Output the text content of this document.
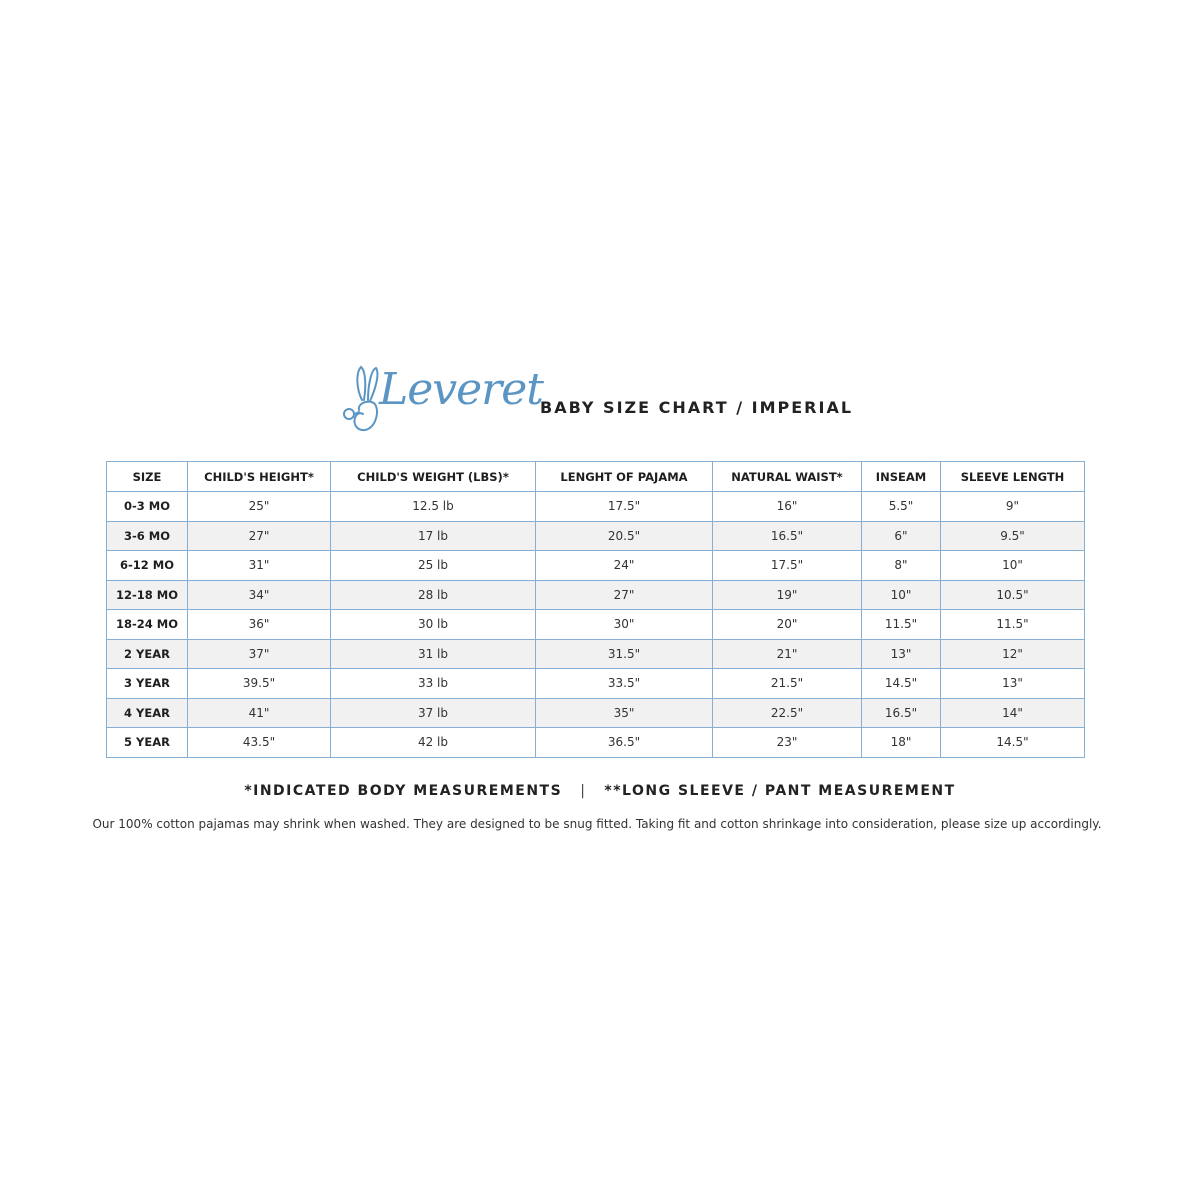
Leveret
BABY SIZE CHART / IMPERIAL
SIZE	CHILD'S HEIGHT*	CHILD'S WEIGHT (LBS)*	LENGHT OF PAJAMA	NATURAL WAIST*	INSEAM	SLEEVE LENGTH
0-3 MO	25"	12.5 lb	17.5"	16"	5.5"	9"
3-6 MO	27"	17 lb	20.5"	16.5"	6"	9.5"
6-12 MO	31"	25 lb	24"	17.5"	8"	10"
12-18 MO	34"	28 lb	27"	19"	10"	10.5"
18-24 MO	36"	30 lb	30"	20"	11.5"	11.5"
2 YEAR	37"	31 lb	31.5"	21"	13"	12"
3 YEAR	39.5"	33 lb	33.5"	21.5"	14.5"	13"
4 YEAR	41"	37 lb	35"	22.5"	16.5"	14"
5 YEAR	43.5"	42 lb	36.5"	23"	18"	14.5"
*INDICATED BODY MEASUREMENTS | **LONG SLEEVE / PANT MEASUREMENT
Our 100% cotton pajamas may shrink when washed. They are designed to be snug fitted. Taking fit and cotton shrinkage into consideration, please size up accordingly.
